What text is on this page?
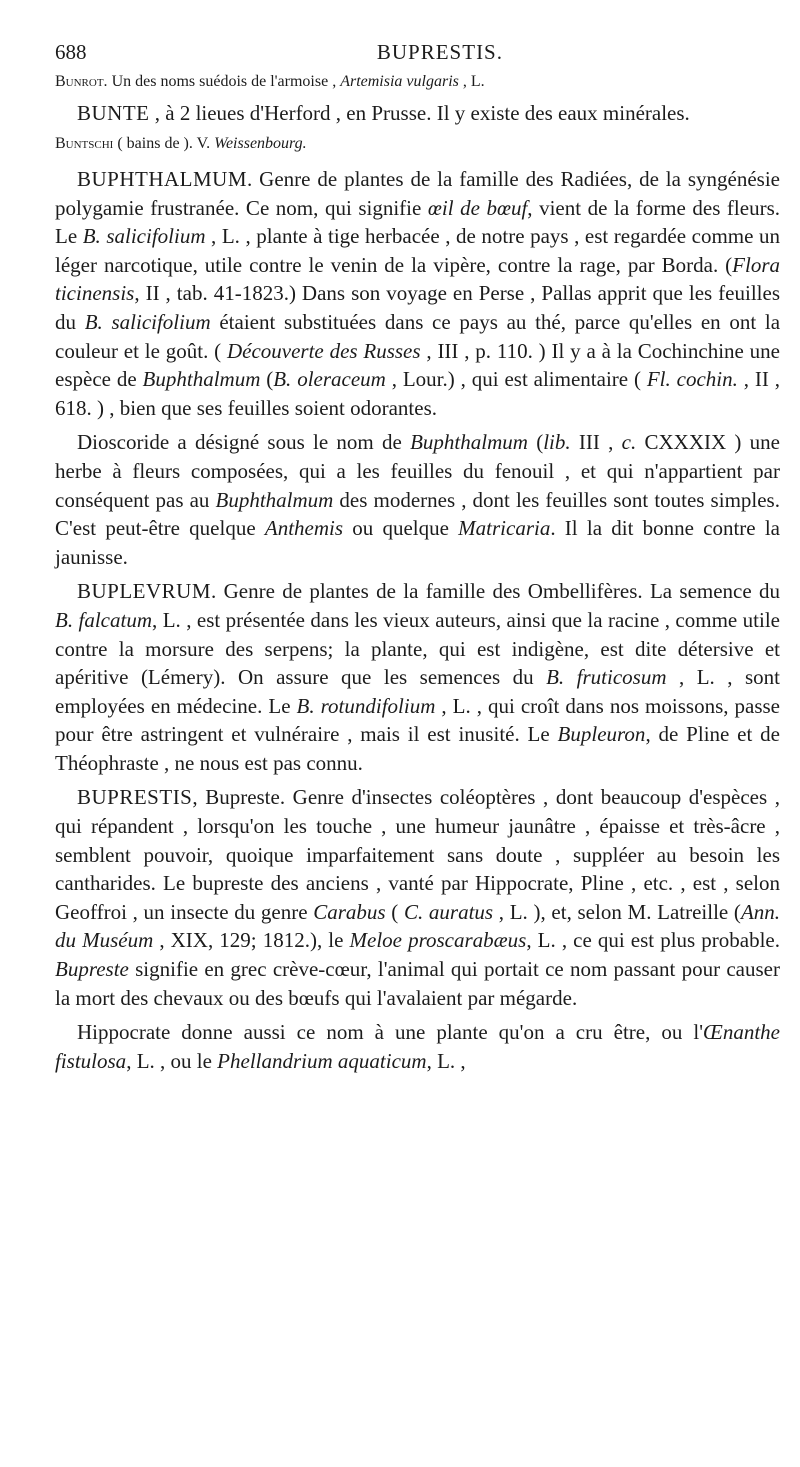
688	BUPRESTIS.

Bunrot. Un des noms suédois de l'armoise , Artemisia vulgaris , L.

BUNTE , à 2 lieues d'Herford , en Prusse. Il y existe des eaux minérales.

Buntschi ( bains de ). V. Weissenbourg.

BUPHTHALMUM. Genre de plantes de la famille des Radiées, de la syngénésie polygamie frustranée. Ce nom, qui signifie œil de bœuf, vient de la forme des fleurs. Le B. salicifolium , L. , plante à tige herbacée , de notre pays , est regardée comme un léger narcotique, utile contre le venin de la vipère, contre la rage, par Borda. (Flora ticinensis, II , tab. 41-1823.) Dans son voyage en Perse , Pallas apprit que les feuilles du B. salicifolium étaient substituées dans ce pays au thé, parce qu'elles en ont la couleur et le goût. ( Découverte des Russes , III , p. 110. ) Il y a à la Cochinchine une espèce de Buphthalmum (B. oleraceum , Lour.) , qui est alimentaire ( Fl. cochin. , II , 618. ) , bien que ses feuilles soient odorantes.

Dioscoride a désigné sous le nom de Buphthalmum (lib. III , c. CXXXIX ) une herbe à fleurs composées, qui a les feuilles du fenouil , et qui n'appartient par conséquent pas au Buphthalmum des modernes , dont les feuilles sont toutes simples. C'est peut-être quelque Anthemis ou quelque Matricaria. Il la dit bonne contre la jaunisse.

BUPLEVRUM. Genre de plantes de la famille des Ombellifères. La semence du B. falcatum, L. , est présentée dans les vieux auteurs, ainsi que la racine , comme utile contre la morsure des serpens; la plante, qui est indigène, est dite détersive et apéritive (Lémery). On assure que les semences du B. fruticosum , L. , sont employées en médecine. Le B. rotundifolium , L. , qui croît dans nos moissons, passe pour être astringent et vulnéraire , mais il est inusité. Le Bupleuron, de Pline et de Théophraste , ne nous est pas connu.

BUPRESTIS, Bupreste. Genre d'insectes coléoptères , dont beaucoup d'espèces , qui répandent , lorsqu'on les touche , une humeur jaunâtre , épaisse et très-âcre , semblent pouvoir, quoique imparfaitement sans doute , suppléer au besoin les cantharides. Le bupreste des anciens , vanté par Hippocrate, Pline , etc. , est , selon Geoffroi , un insecte du genre Carabus ( C. auratus , L. ), et, selon M. Latreille (Ann. du Muséum , XIX, 129; 1812.), le Meloe proscarabæus, L. , ce qui est plus probable. Bupreste signifie en grec crève-cœur, l'animal qui portait ce nom passant pour causer la mort des chevaux ou des bœufs qui l'avalaient par mégarde.

Hippocrate donne aussi ce nom à une plante qu'on a cru être, ou l'Œnanthe fistulosa, L. , ou le Phellandrium aquaticum, L. ,
